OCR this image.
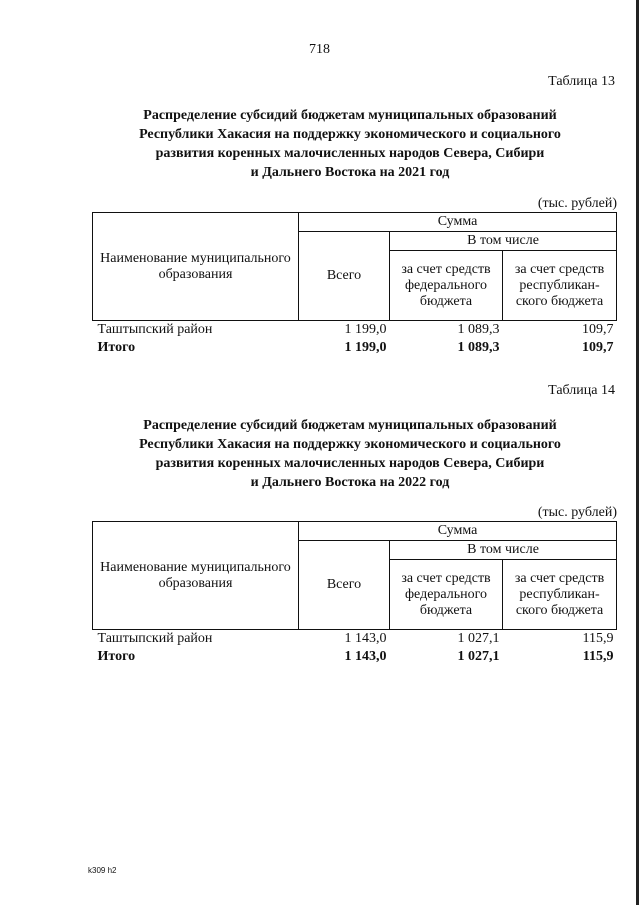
718
Таблица 13
Распределение субсидий бюджетам муниципальных образований
Республики Хакасия на поддержку экономического и социального
развития коренных малочисленных народов Севера, Сибири
и Дальнего Востока на 2021 год
(тыс. рублей)
Наименование муниципального образования	Сумма		
	Всего	В том числе	
		за счет средств федерального бюджета	за счет средств республикан-ского бюджета
Таштыпский район	1 199,0	1 089,3	109,7
Итого	1 199,0	1 089,3	109,7
Таблица 14
Распределение субсидий бюджетам муниципальных образований
Республики Хакасия на поддержку экономического и социального
развития коренных малочисленных народов Севера, Сибири
и Дальнего Востока на 2022 год
(тыс. рублей)
Наименование муниципального образования	Сумма		
	Всего	В том числе	
		за счет средств федерального бюджета	за счет средств республикан-ского бюджета
Таштыпский район	1 143,0	1 027,1	115,9
Итого	1 143,0	1 027,1	115,9
k309 h2
